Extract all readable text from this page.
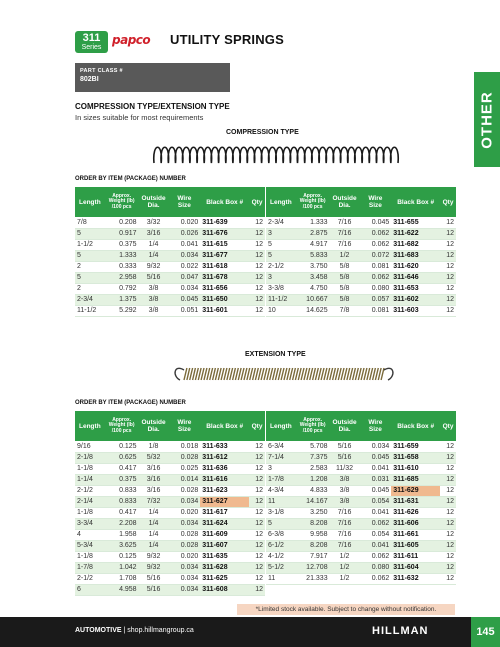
311
Series
papco UTILITY SPRINGS
PART CLASS #
802BI
OTHER
COMPRESSION TYPE/EXTENSION TYPE
In sizes suitable for most requirements
COMPRESSION TYPE
ORDER BY ITEM (PACKAGE) NUMBER
Length	Approx. Weight (lb) /100 pcs	Outside Dia.	Wire Size	Black Box #	Qty
7/8	0.208	3/32	0.020	311-639	12
5	0.917	3/16	0.026	311-676	12
1-1/2	0.375	1/4	0.041	311-615	12
5	1.333	1/4	0.034	311-677	12
2	0.333	9/32	0.022	311-618	12
5	2.958	5/16	0.047	311-678	12
2	0.792	3/8	0.034	311-656	12
2-3/4	1.375	3/8	0.045	311-650	12
11-1/2	5.292	3/8	0.051	311-601	12
Length	Approx. Weight (lb) /100 pcs	Outside Dia.	Wire Size	Black Box #	Qty
2-3/4	1.333	7/16	0.045	311-655	12
3	2.875	7/16	0.062	311-622	12
5	4.917	7/16	0.062	311-682	12
5	5.833	1/2	0.072	311-683	12
2-1/2	3.750	5/8	0.081	311-620	12
3	3.458	5/8	0.062	311-646	12
3-3/8	4.750	5/8	0.080	311-653	12
11-1/2	10.667	5/8	0.057	311-602	12
10	14.625	7/8	0.081	311-603	12
EXTENSION TYPE
ORDER BY ITEM (PACKAGE) NUMBER
Length	Approx. Weight (lb) /100 pcs	Outside Dia.	Wire Size	Black Box #	Qty
9/16	0.125	1/8	0.018	311-633	12
2-1/8	0.625	5/32	0.028	311-612	12
1-1/8	0.417	3/16	0.025	311-636	12
1-1/4	0.375	3/16	0.014	311-616	12
2-1/2	0.833	3/16	0.028	311-623	12
2-1/4	0.833	7/32	0.034	311-627	12
1-1/8	0.417	1/4	0.020	311-617	12
3-3/4	2.208	1/4	0.034	311-624	12
4	1.958	1/4	0.028	311-609	12
5-3/4	3.625	1/4	0.028	311-607	12
1-1/8	0.125	9/32	0.020	311-635	12
1-7/8	1.042	9/32	0.034	311-628	12
2-1/2	1.708	5/16	0.034	311-625	12
6	4.958	5/16	0.034	311-608	12
Length	Approx. Weight (lb) /100 pcs	Outside Dia.	Wire Size	Black Box #	Qty
6-3/4	5.708	5/16	0.034	311-659	12
7-1/4	7.375	5/16	0.045	311-658	12
3	2.583	11/32	0.041	311-610	12
1-7/8	1.208	3/8	0.031	311-685	12
4-3/4	4.833	3/8	0.045	311-629	12
11	14.167	3/8	0.054	311-631	12
3-1/8	3.250	7/16	0.041	311-626	12
5	8.208	7/16	0.062	311-606	12
6-3/8	9.958	7/16	0.054	311-661	12
6-1/2	8.208	7/16	0.041	311-605	12
4-1/2	7.917	1/2	0.062	311-611	12
5-1/2	12.708	1/2	0.080	311-604	12
11	21.333	1/2	0.062	311-632	12
*Limited stock available. Subject to change without notification.
AUTOMOTIVE | shop.hillmangroup.ca	HILLMAN	145
